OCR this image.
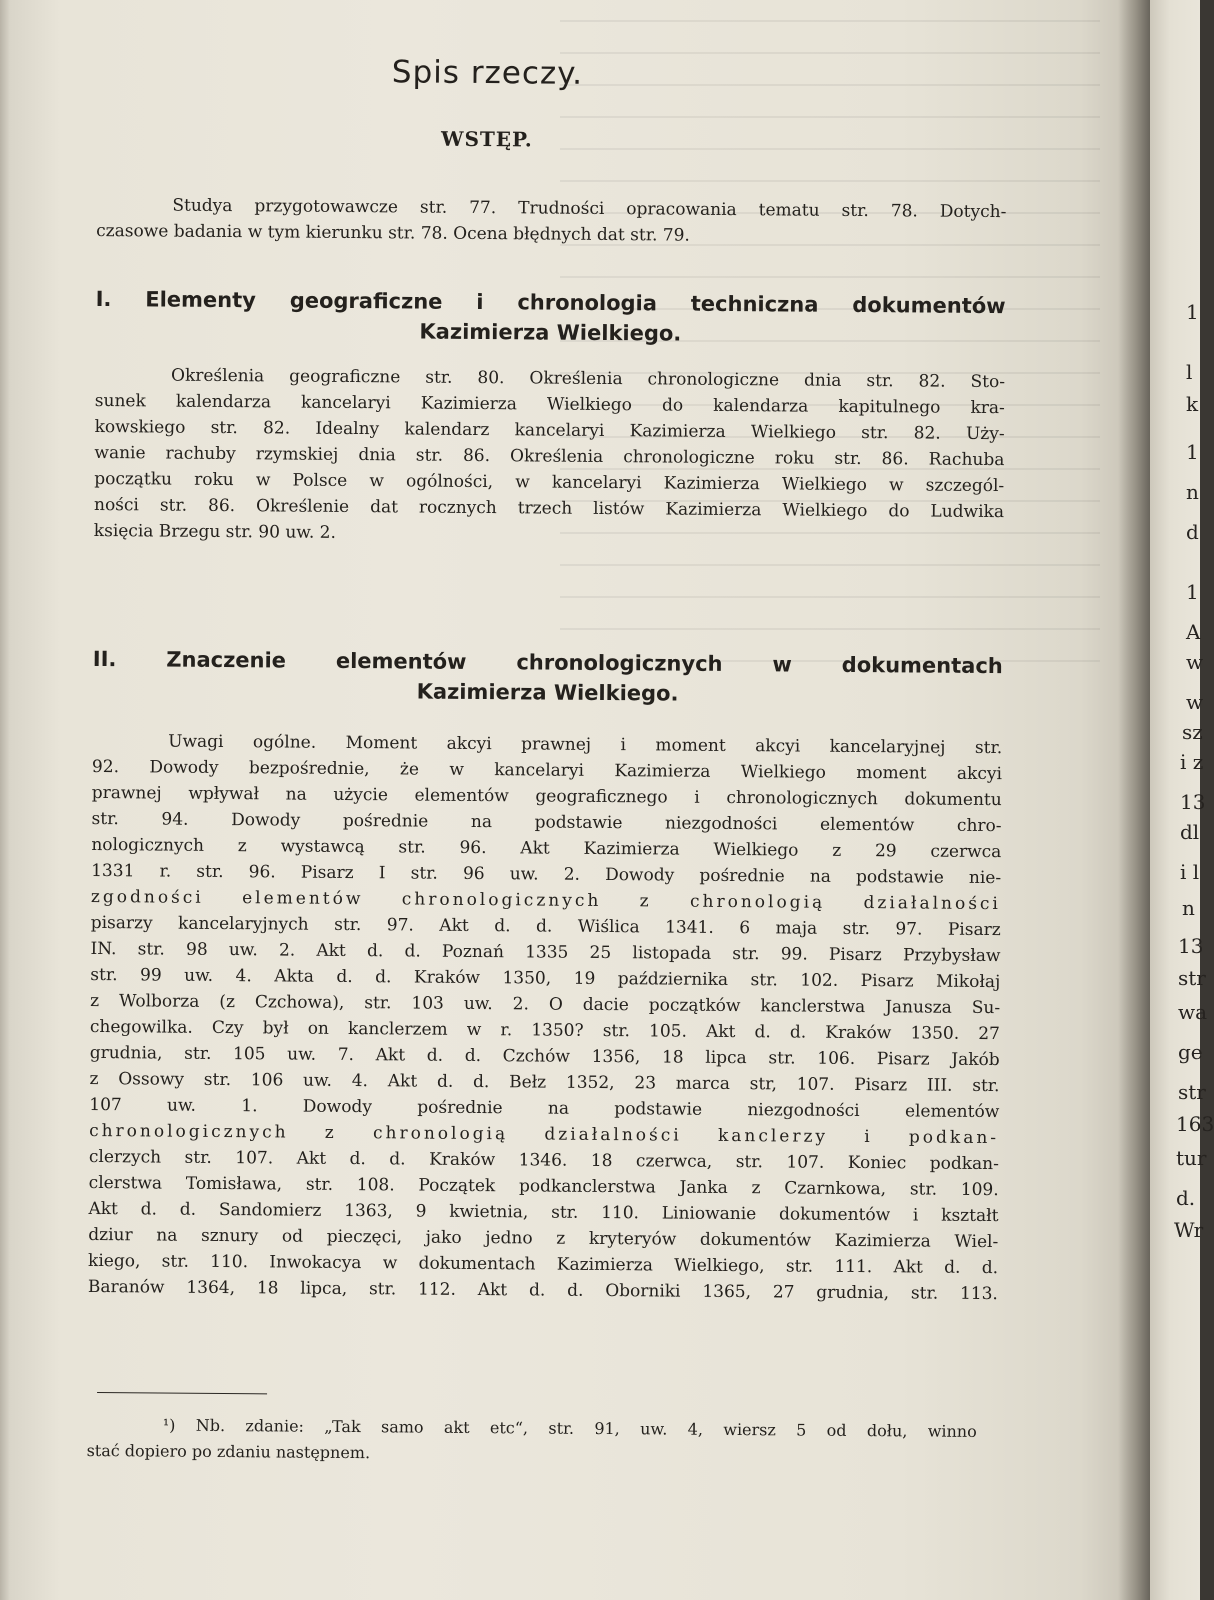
Spis rzeczy.
WSTĘP.
Studya przygotowawcze str. 77. Trudności opracowania tematu str. 78. Dotych-
czasowe badania w tym kierunku str. 78. Ocena błędnych dat str. 79.
I. Elementy geograficzne i chronologia techniczna dokumentów
Kazimierza Wielkiego.
Określenia geograficzne str. 80. Określenia chronologiczne dnia str. 82. Sto-
sunek kalendarza kancelaryi Kazimierza Wielkiego do kalendarza kapitulnego kra-
kowskiego str. 82. Idealny kalendarz kancelaryi Kazimierza Wielkiego str. 82. Uży-
wanie rachuby rzymskiej dnia str. 86. Określenia chronologiczne roku str. 86. Rachuba
początku roku w Polsce w ogólności, w kancelaryi Kazimierza Wielkiego w szczegól-
ności str. 86. Określenie dat rocznych trzech listów Kazimierza Wielkiego do Ludwika
księcia Brzegu str. 90 uw. 2.
II. Znaczenie elementów chronologicznych w dokumentach
Kazimierza Wielkiego.
Uwagi ogólne. Moment akcyi prawnej i moment akcyi kancelaryjnej str.
92. Dowody bezpośrednie, że w kancelaryi Kazimierza Wielkiego moment akcyi
prawnej wpływał na użycie elementów geograficznego i chronologicznych dokumentu
str. 94. Dowody pośrednie na podstawie niezgodności elementów chro-
nologicznych z wystawcą str. 96. Akt Kazimierza Wielkiego z 29 czerwca
1331 r. str. 96. Pisarz I str. 96 uw. 2. Dowody pośrednie na podstawie nie-
zgodności elementów chronologicznych z chronologią działalności
pisarzy kancelaryjnych str. 97. Akt d. d. Wiślica 1341. 6 maja str. 97. Pisarz
IN. str. 98 uw. 2. Akt d. d. Poznań 1335 25 listopada str. 99. Pisarz Przybysław
str. 99 uw. 4. Akta d. d. Kraków 1350, 19 października str. 102. Pisarz Mikołaj
z Wolborza (z Czchowa), str. 103 uw. 2. O dacie początków kanclerstwa Janusza Su-
chegowilka. Czy był on kanclerzem w r. 1350? str. 105. Akt d. d. Kraków 1350. 27
grudnia, str. 105 uw. 7. Akt d. d. Czchów 1356, 18 lipca str. 106. Pisarz Jakób
z Ossowy str. 106 uw. 4. Akt d. d. Bełz 1352, 23 marca str, 107. Pisarz III. str.
107 uw. 1. Dowody pośrednie na podstawie niezgodności elementów
chronologicznych z chronologią działalności kanclerzy i podkan-
clerzych str. 107. Akt d. d. Kraków 1346. 18 czerwca, str. 107. Koniec podkan-
clerstwa Tomisława, str. 108. Początek podkanclerstwa Janka z Czarnkowa, str. 109.
Akt d. d. Sandomierz 1363, 9 kwietnia, str. 110. Liniowanie dokumentów i kształt
dziur na sznury od pieczęci, jako jedno z kryteryów dokumentów Kazimierza Wiel-
kiego, str. 110. Inwokacya w dokumentach Kazimierza Wielkiego, str. 111. Akt d. d.
Baranów 1364, 18 lipca, str. 112. Akt d. d. Oborniki 1365, 27 grudnia, str. 113.
¹) Nb. zdanie: „Tak samo akt etc“, str. 91, uw. 4, wiersz 5 od dołu, winno
stać dopiero po zdaniu następnem.
1
l
k
1
n
d
1
A
w
w
sz
i z
13
dl
i l
n
13
str
wa
ge
str
163
tur
d.
Wr
